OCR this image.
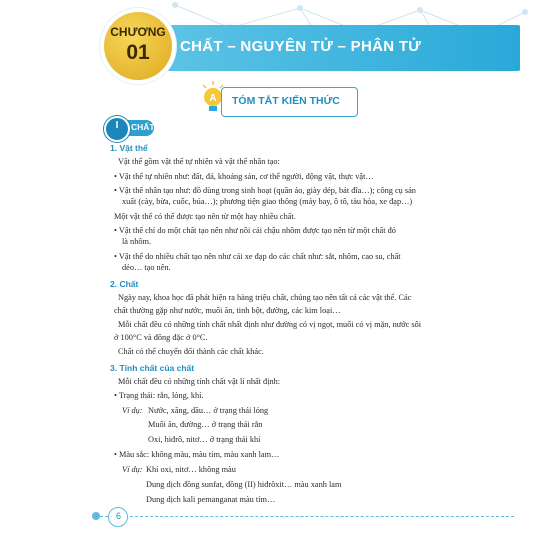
CHẤT – NGUYÊN TỬ – PHÂN TỬ
CHƯƠNG
01
A TÓM TẮT KIẾN THỨC
I	CHẤT
1. Vật thể
Vật thể gồm vật thể tự nhiên và vật thể nhân tạo:
• Vật thể tự nhiên như: đất, đá, khoáng sản, cơ thể người, động vật, thực vật…
• Vật thể nhân tạo như: đồ dùng trong sinh hoạt (quần áo, giày dép, bát đĩa…); công cụ sản
xuất (cày, bừa, cuốc, búa…); phương tiện giao thông (máy bay, ô tô, tàu hỏa, xe đạp…)
Một vật thể có thể được tạo nên từ một hay nhiều chất.
• Vật thể chỉ do một chất tạo nên như nồi cái chậu nhôm được tạo nên từ một chất đó
là nhôm.
• Vật thể do nhiều chất tạo nên như cái xe đạp do các chất như: sắt, nhôm, cao su, chất
dẻo… tạo nên.
2. Chất
Ngày nay, khoa học đã phát hiện ra hàng triệu chất, chúng tạo nên tất cả các vật thể. Các
chất thường gặp như nước, muối ăn, tinh bột, đường, các kim loại…
Mỗi chất đều có những tính chất nhất định như đường có vị ngọt, muối có vị mặn, nước sôi
ở 100°C và đông đặc ở 0°C.
Chất có thể chuyển đổi thành các chất khác.
3. Tính chất của chất
Mỗi chất đều có những tính chất vật lí nhất định:
• Trạng thái: rắn, lỏng, khí.
Ví dụ: Nước, xăng, dầu… ở trạng thái lỏng
Muối ăn, đường… ở trạng thái rắn
Oxi, hiđrô, nitơ… ở trạng thái khí
• Màu sắc: không màu, màu tím, màu xanh lam…
Ví dụ: Khí oxi, nitơ… không màu
Dung dịch đồng sunfat, đồng (II) hiđrôxit… màu xanh lam
Dung dịch kali pemanganat màu tím…
6
